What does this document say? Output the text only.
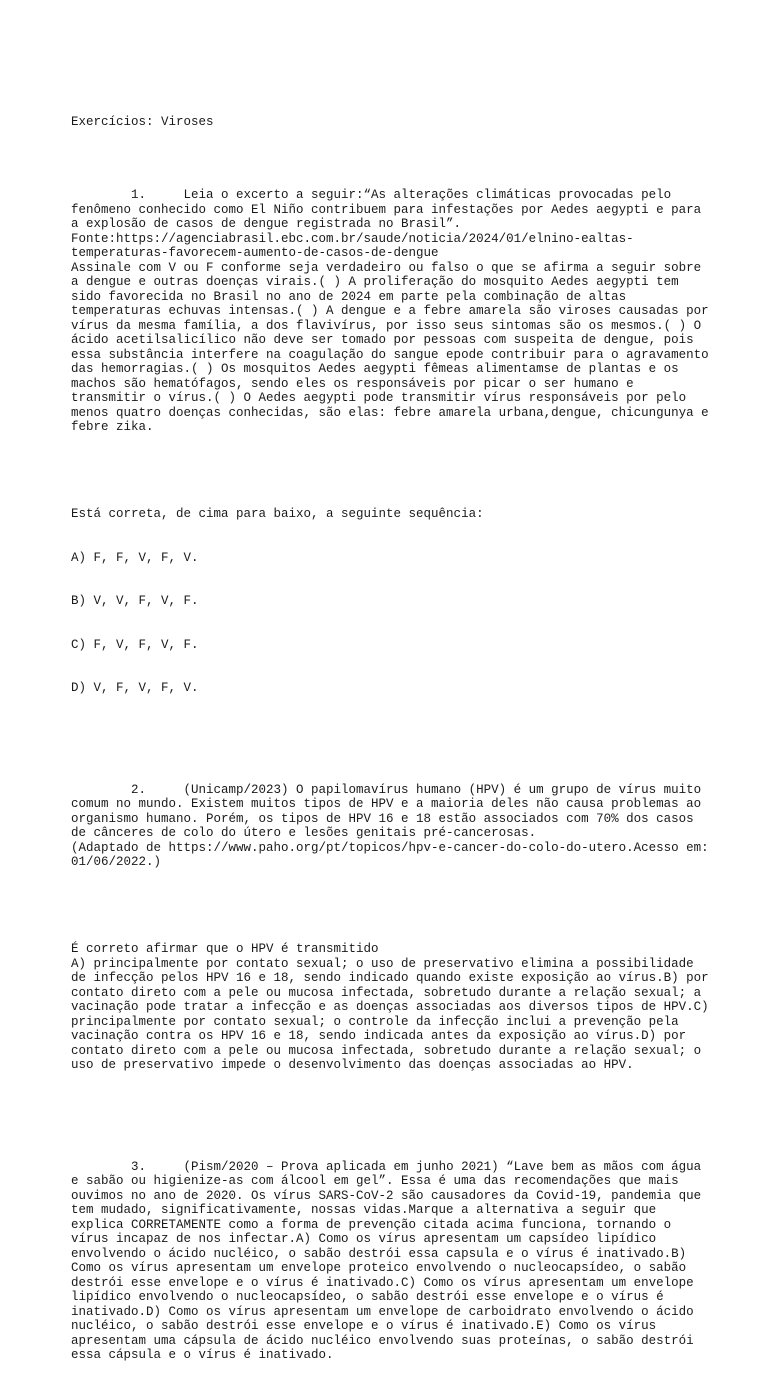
Exercícios: Viroses

1.     Leia o excerto a seguir:“As alterações climáticas provocadas pelo fenômeno conhecido como El Niño contribuem para infestações por Aedes aegypti e para a explosão de casos de dengue registrada no Brasil”.
Fonte:https://agenciabrasil.ebc.com.br/saude/noticia/2024/01/elnino-ealtas-temperaturas-favorecem-aumento-de-casos-de-dengue
Assinale com V ou F conforme seja verdadeiro ou falso o que se afirma a seguir sobre a dengue e outras doenças virais.( ) A proliferação do mosquito Aedes aegypti tem sido favorecida no Brasil no ano de 2024 em parte pela combinação de altas temperaturas echuvas intensas.( ) A dengue e a febre amarela são viroses causadas por vírus da mesma família, a dos flavivírus, por isso seus sintomas são os mesmos.( ) O ácido acetilsalicílico não deve ser tomado por pessoas com suspeita de dengue, pois essa substância interfere na coagulação do sangue epode contribuir para o agravamento das hemorragias.( ) Os mosquitos Aedes aegypti fêmeas alimentamse de plantas e os machos são hematófagos, sendo eles os responsáveis por picar o ser humano e transmitir o vírus.( ) O Aedes aegypti pode transmitir vírus responsáveis por pelo menos quatro doenças conhecidas, são elas: febre amarela urbana,dengue, chicungunya e febre zika.

Está correta, de cima para baixo, a seguinte sequência:

A) F, F, V, F, V.

B) V, V, F, V, F.

C) F, V, F, V, F.

D) V, F, V, F, V.

2.     (Unicamp/2023) O papilomavírus humano (HPV) é um grupo de vírus muito comum no mundo. Existem muitos tipos de HPV e a maioria deles não causa problemas ao organismo humano. Porém, os tipos de HPV 16 e 18 estão associados com 70% dos casos de cânceres de colo do útero e lesões genitais pré-cancerosas.
(Adaptado de https://www.paho.org/pt/topicos/hpv-e-cancer-do-colo-do-utero.Acesso em: 01/06/2022.)

É correto afirmar que o HPV é transmitido
A) principalmente por contato sexual; o uso de preservativo elimina a possibilidade de infecção pelos HPV 16 e 18, sendo indicado quando existe exposição ao vírus.B) por contato direto com a pele ou mucosa infectada, sobretudo durante a relação sexual; a vacinação pode tratar a infecção e as doenças associadas aos diversos tipos de HPV.C) principalmente por contato sexual; o controle da infecção inclui a prevenção pela vacinação contra os HPV 16 e 18, sendo indicada antes da exposição ao vírus.D) por contato direto com a pele ou mucosa infectada, sobretudo durante a relação sexual; o uso de preservativo impede o desenvolvimento das doenças associadas ao HPV.

3.     (Pism/2020 – Prova aplicada em junho 2021) “Lave bem as mãos com água e sabão ou higienize-as com álcool em gel”. Essa é uma das recomendações que mais ouvimos no ano de 2020. Os vírus SARS-CoV-2 são causadores da Covid-19, pandemia que tem mudado, significativamente, nossas vidas.Marque a alternativa a seguir que explica CORRETAMENTE como a forma de prevenção citada acima funciona, tornando o vírus incapaz de nos infectar.A) Como os vírus apresentam um capsídeo lipídico envolvendo o ácido nucléico, o sabão destrói essa capsula e o vírus é inativado.B) Como os vírus apresentam um envelope proteico envolvendo o nucleocapsídeo, o sabão destrói esse envelope e o vírus é inativado.C) Como os vírus apresentam um envelope lipídico envolvendo o nucleocapsídeo, o sabão destrói esse envelope e o vírus é inativado.D) Como os vírus apresentam um envelope de carboidrato envolvendo o ácido nucléico, o sabão destrói esse envelope e o vírus é inativado.E) Como os vírus apresentam uma cápsula de ácido nucléico envolvendo suas proteínas, o sabão destrói essa cápsula e o vírus é inativado.
